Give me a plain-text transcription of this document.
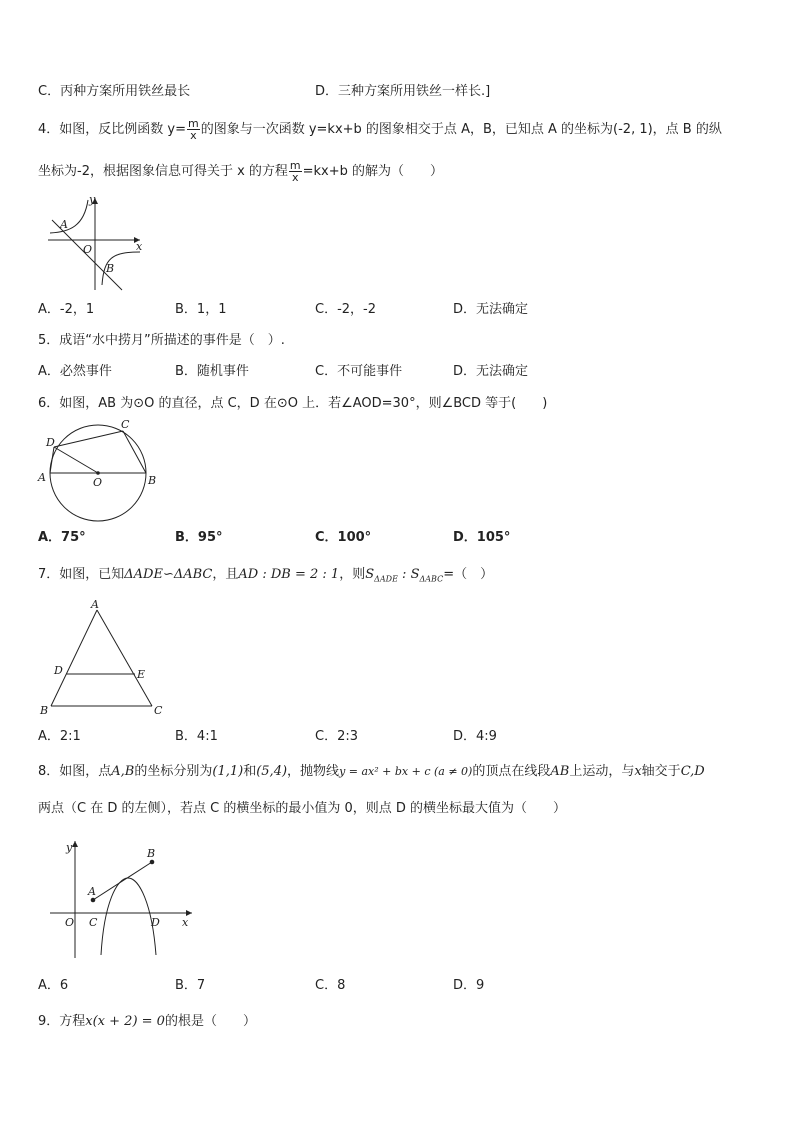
C．丙种方案所用铁丝最长	D．三种方案所用铁丝一样长.]
4．如图，反比例函数 $y= \frac{m}{x}$ 的图象与一次函数 y=kx+b 的图象相交于点 A，B，已知点 A 的坐标为(-2, 1)，点 B 的纵
坐标为-2，根据图象信息可得关于 x 的方程 $\frac{m}{x} =kx+b$ 的解为（　　）
y
x
A
O
B
A．-2，1	B．1，1	C．-2，-2	D．无法确定
5．成语“水中捞月”所描述的事件是（　）.
A．必然事件	B．随机事件	C．不可能事件	D．无法确定
6．如图，AB 为⊙O 的直径，点 C，D 在⊙O 上．若∠AOD=30°，则∠BCD 等于(　　)
D
C
A	O	B
A．75°	B．95°	C．100°	D．105°
7．如图，已知ΔADE∽ΔABC，且AD : DB = 2 : 1，则$S_{\Delta ADE}$ : $S_{\Delta ABC}=$（　）
A
D	E
B	C
A．2:1	B．4:1	C．2:3	D．4:9
8．如图，点A,B的坐标分别为(1,1)和(5,4)，抛物线y = ax² + bx + c (a ≠ 0)的顶点在线段AB上运动，与x轴交于C,D
两点（C 在 D 的左侧），若点 C 的横坐标的最小值为 0，则点 D 的横坐标最大值为（　　）
y	B
A
O C	D x
A．6	B．7	C．8	D．9
9．方程x(x + 2) = 0的根是（　　）
